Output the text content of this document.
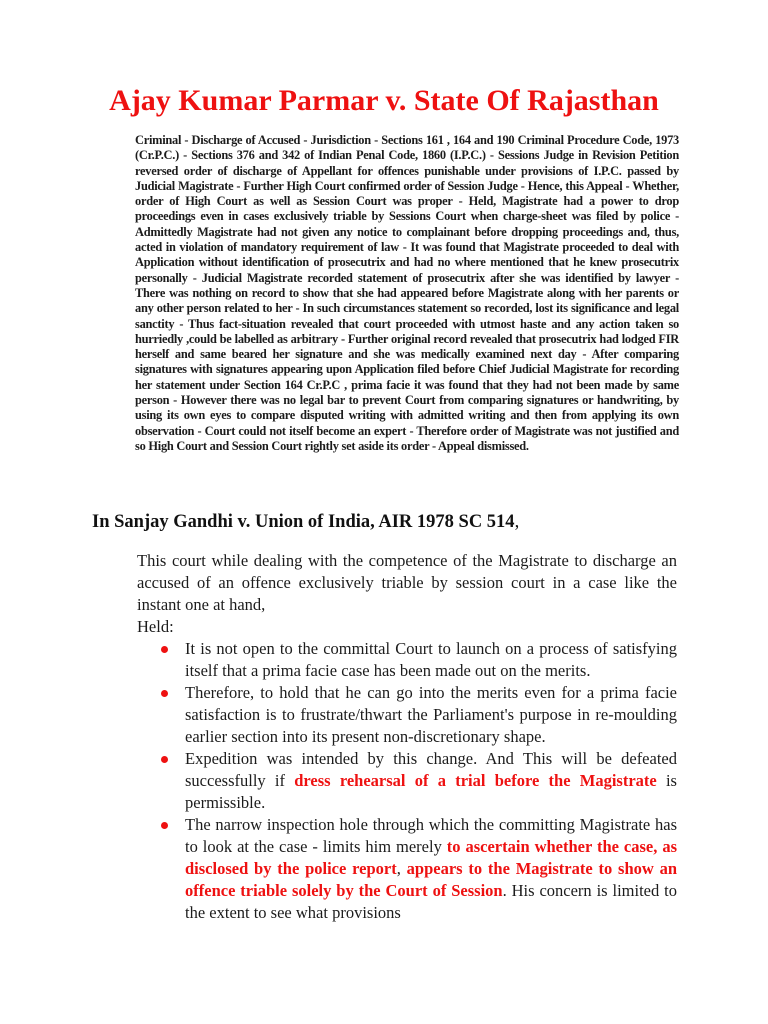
Ajay Kumar Parmar v. State Of Rajasthan
Criminal - Discharge of Accused - Jurisdiction - Sections 161 , 164 and 190 Criminal Procedure Code, 1973 (Cr.P.C.) - Sections 376 and 342 of Indian Penal Code, 1860 (I.P.C.) - Sessions Judge in Revision Petition reversed order of discharge of Appellant for offences punishable under provisions of I.P.C. passed by Judicial Magistrate - Further High Court confirmed order of Session Judge - Hence, this Appeal - Whether, order of High Court as well as Session Court was proper - Held, Magistrate had a power to drop proceedings even in cases exclusively triable by Sessions Court when charge-sheet was filed by police - Admittedly Magistrate had not given any notice to complainant before dropping proceedings and, thus, acted in violation of mandatory requirement of law - It was found that Magistrate proceeded to deal with Application without identification of prosecutrix and had no where mentioned that he knew prosecutrix personally - Judicial Magistrate recorded statement of prosecutrix after she was identified by lawyer - There was nothing on record to show that she had appeared before Magistrate along with her parents or any other person related to her - In such circumstances statement so recorded, lost its significance and legal sanctity - Thus fact-situation revealed that court proceeded with utmost haste and any action taken so hurriedly ,could be labelled as arbitrary - Further original record revealed that prosecutrix had lodged FIR herself and same beared her signature and she was medically examined next day - After comparing signatures with signatures appearing upon Application filed before Chief Judicial Magistrate for recording her statement under Section 164 Cr.P.C , prima facie it was found that they had not been made by same person - However there was no legal bar to prevent Court from comparing signatures or handwriting, by using its own eyes to compare disputed writing with admitted writing and then from applying its own observation - Court could not itself become an expert - Therefore order of Magistrate was not justified and so High Court and Session Court rightly set aside its order - Appeal dismissed.
In Sanjay Gandhi v. Union of India, AIR 1978 SC 514,
This court while dealing with the competence of the Magistrate to discharge an accused of an offence exclusively triable by session court in a case like the instant one at hand,
Held:
It is not open to the committal Court to launch on a process of satisfying itself that a prima facie case has been made out on the merits.
Therefore, to hold that he can go into the merits even for a prima facie satisfaction is to frustrate/thwart the Parliament's purpose in re-moulding earlier section into its present non-discretionary shape.
Expedition was intended by this change. And This will be defeated successfully if dress rehearsal of a trial before the Magistrate is permissible.
The narrow inspection hole through which the committing Magistrate has to look at the case - limits him merely to ascertain whether the case, as disclosed by the police report, appears to the Magistrate to show an offence triable solely by the Court of Session. His concern is limited to the extent to see what provisions
